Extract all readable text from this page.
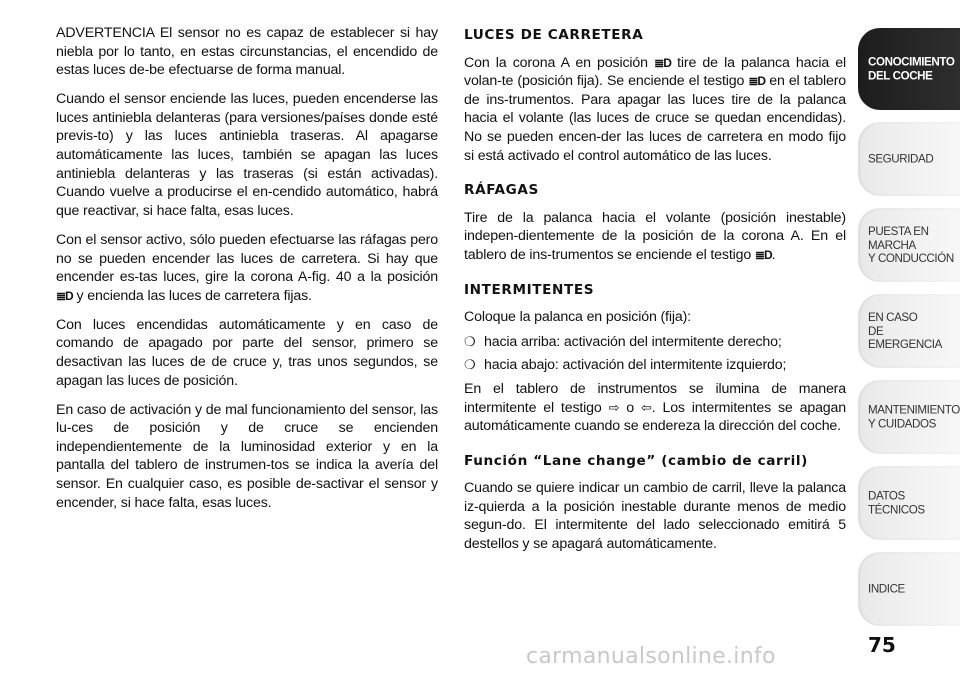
ADVERTENCIA El sensor no es capaz de establecer si hay niebla por lo tanto, en estas circunstancias, el encendido de estas luces de-be efectuarse de forma manual.

Cuando el sensor enciende las luces, pueden encenderse las luces antiniebla delanteras (para versiones/países donde esté previs-to) y las luces antiniebla traseras. Al apagarse automáticamente las luces, también se apagan las luces antiniebla delanteras y las traseras (si están activadas). Cuando vuelve a producirse el en-cendido automático, habrá que reactivar, si hace falta, esas luces.

Con el sensor activo, sólo pueden efectuarse las ráfagas pero no se pueden encender las luces de carretera. Si hay que encender es-tas luces, gire la corona A-fig. 40 a la posición ≣D y encienda las luces de carretera fijas.

Con luces encendidas automáticamente y en caso de comando de apagado por parte del sensor, primero se desactivan las luces de de cruce y, tras unos segundos, se apagan las luces de posición.

En caso de activación y de mal funcionamiento del sensor, las lu-ces de posición y de cruce se encienden independientemente de la luminosidad exterior y en la pantalla del tablero de instrumen-tos se indica la avería del sensor. En cualquier caso, es posible de-sactivar el sensor y encender, si hace falta, esas luces.

LUCES DE CARRETERA

Con la corona A en posición ≣D tire de la palanca hacia el volan-te (posición fija). Se enciende el testigo ≣D en el tablero de ins-trumentos. Para apagar las luces tire de la palanca hacia el volante (las luces de cruce se quedan encendidas). No se pueden encen-der las luces de carretera en modo fijo si está activado el control automático de las luces.

RÁFAGAS

Tire de la palanca hacia el volante (posición inestable) indepen-dientemente de la posición de la corona A. En el tablero de ins-trumentos se enciende el testigo ≣D.

INTERMITENTES

Coloque la palanca en posición (fija):

❍ hacia arriba: activación del intermitente derecho;
❍ hacia abajo: activación del intermitente izquierdo;

En el tablero de instrumentos se ilumina de manera intermitente el testigo ⇨ o ⇦. Los intermitentes se apagan automáticamente cuando se endereza la dirección del coche.

Función “Lane change” (cambio de carril)

Cuando se quiere indicar un cambio de carril, lleve la palanca iz-quierda a la posición inestable durante menos de medio segun-do. El intermitente del lado seleccionado emitirá 5 destellos y se apagará automáticamente.

CONOCIMIENTO
DEL COCHE
SEGURIDAD
PUESTA EN MARCHA
Y CONDUCCIÓN
EN CASO
DE EMERGENCIA
MANTENIMIENTO
Y CUIDADOS
DATOS TÉCNICOS
INDICE
75
carmanualsonline.info
